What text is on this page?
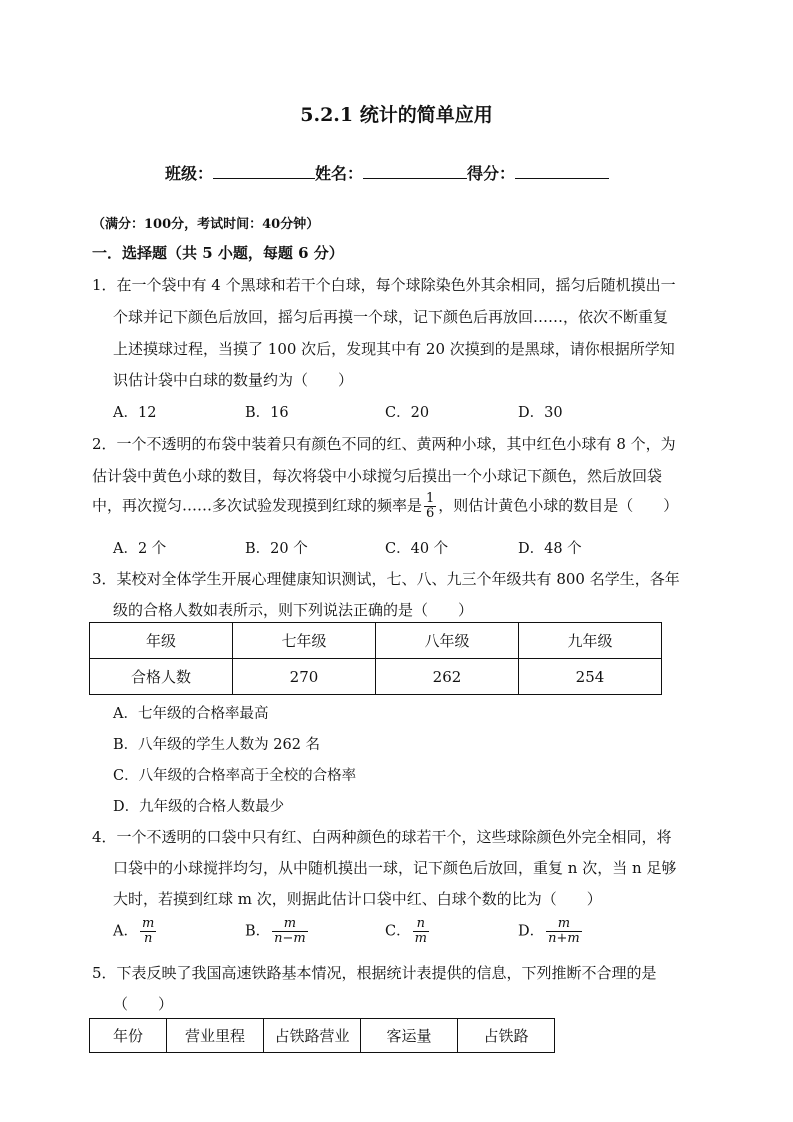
5.2.1 统计的简单应用
班级：	姓名：	得分：
（满分：100分，考试时间：40分钟）
一．选择题（共 5 小题，每题 6 分）
1．在一个袋中有 4 个黑球和若干个白球，每个球除染色外其余相同，摇匀后随机摸出一
个球并记下颜色后放回，摇匀后再摸一个球，记下颜色后再放回……，依次不断重复
上述摸球过程，当摸了 100 次后，发现其中有 20 次摸到的是黑球，请你根据所学知
识估计袋中白球的数量约为（　　）
A．12	B．16	C．20	D．30
2．一个不透明的布袋中装着只有颜色不同的红、黄两种小球，其中红色小球有 8 个，为
估计袋中黄色小球的数目，每次将袋中小球搅匀后摸出一个小球记下颜色，然后放回袋
中，再次搅匀……多次试验发现摸到红球的频率是 $\frac{1}{6}$ ，则估计黄色小球的数目是（　　）
A．2 个	B．20 个	C．40 个	D．48 个
3．某校对全体学生开展心理健康知识测试，七、八、九三个年级共有 800 名学生，各年
级的合格人数如表所示，则下列说法正确的是（　　）
年级	七年级	八年级	九年级
合格人数	270	262	254
A．七年级的合格率最高
B．八年级的学生人数为 262 名
C．八年级的合格率高于全校的合格率
D．九年级的合格人数最少
4．一个不透明的口袋中只有红、白两种颜色的球若干个，这些球除颜色外完全相同，将
口袋中的小球搅拌均匀，从中随机摸出一球，记下颜色后放回，重复 n 次，当 n 足够
大时，若摸到红球 m 次，则据此估计口袋中红、白球个数的比为（　　）
A． $\frac{m}{n}$	B． $\frac{m}{n-m}$	C． $\frac{n}{m}$	D． $\frac{m}{n+m}$
5．下表反映了我国高速铁路基本情况，根据统计表提供的信息，下列推断不合理的是
（　　）
年份	营业里程	占铁路营业	客运量	占铁路
